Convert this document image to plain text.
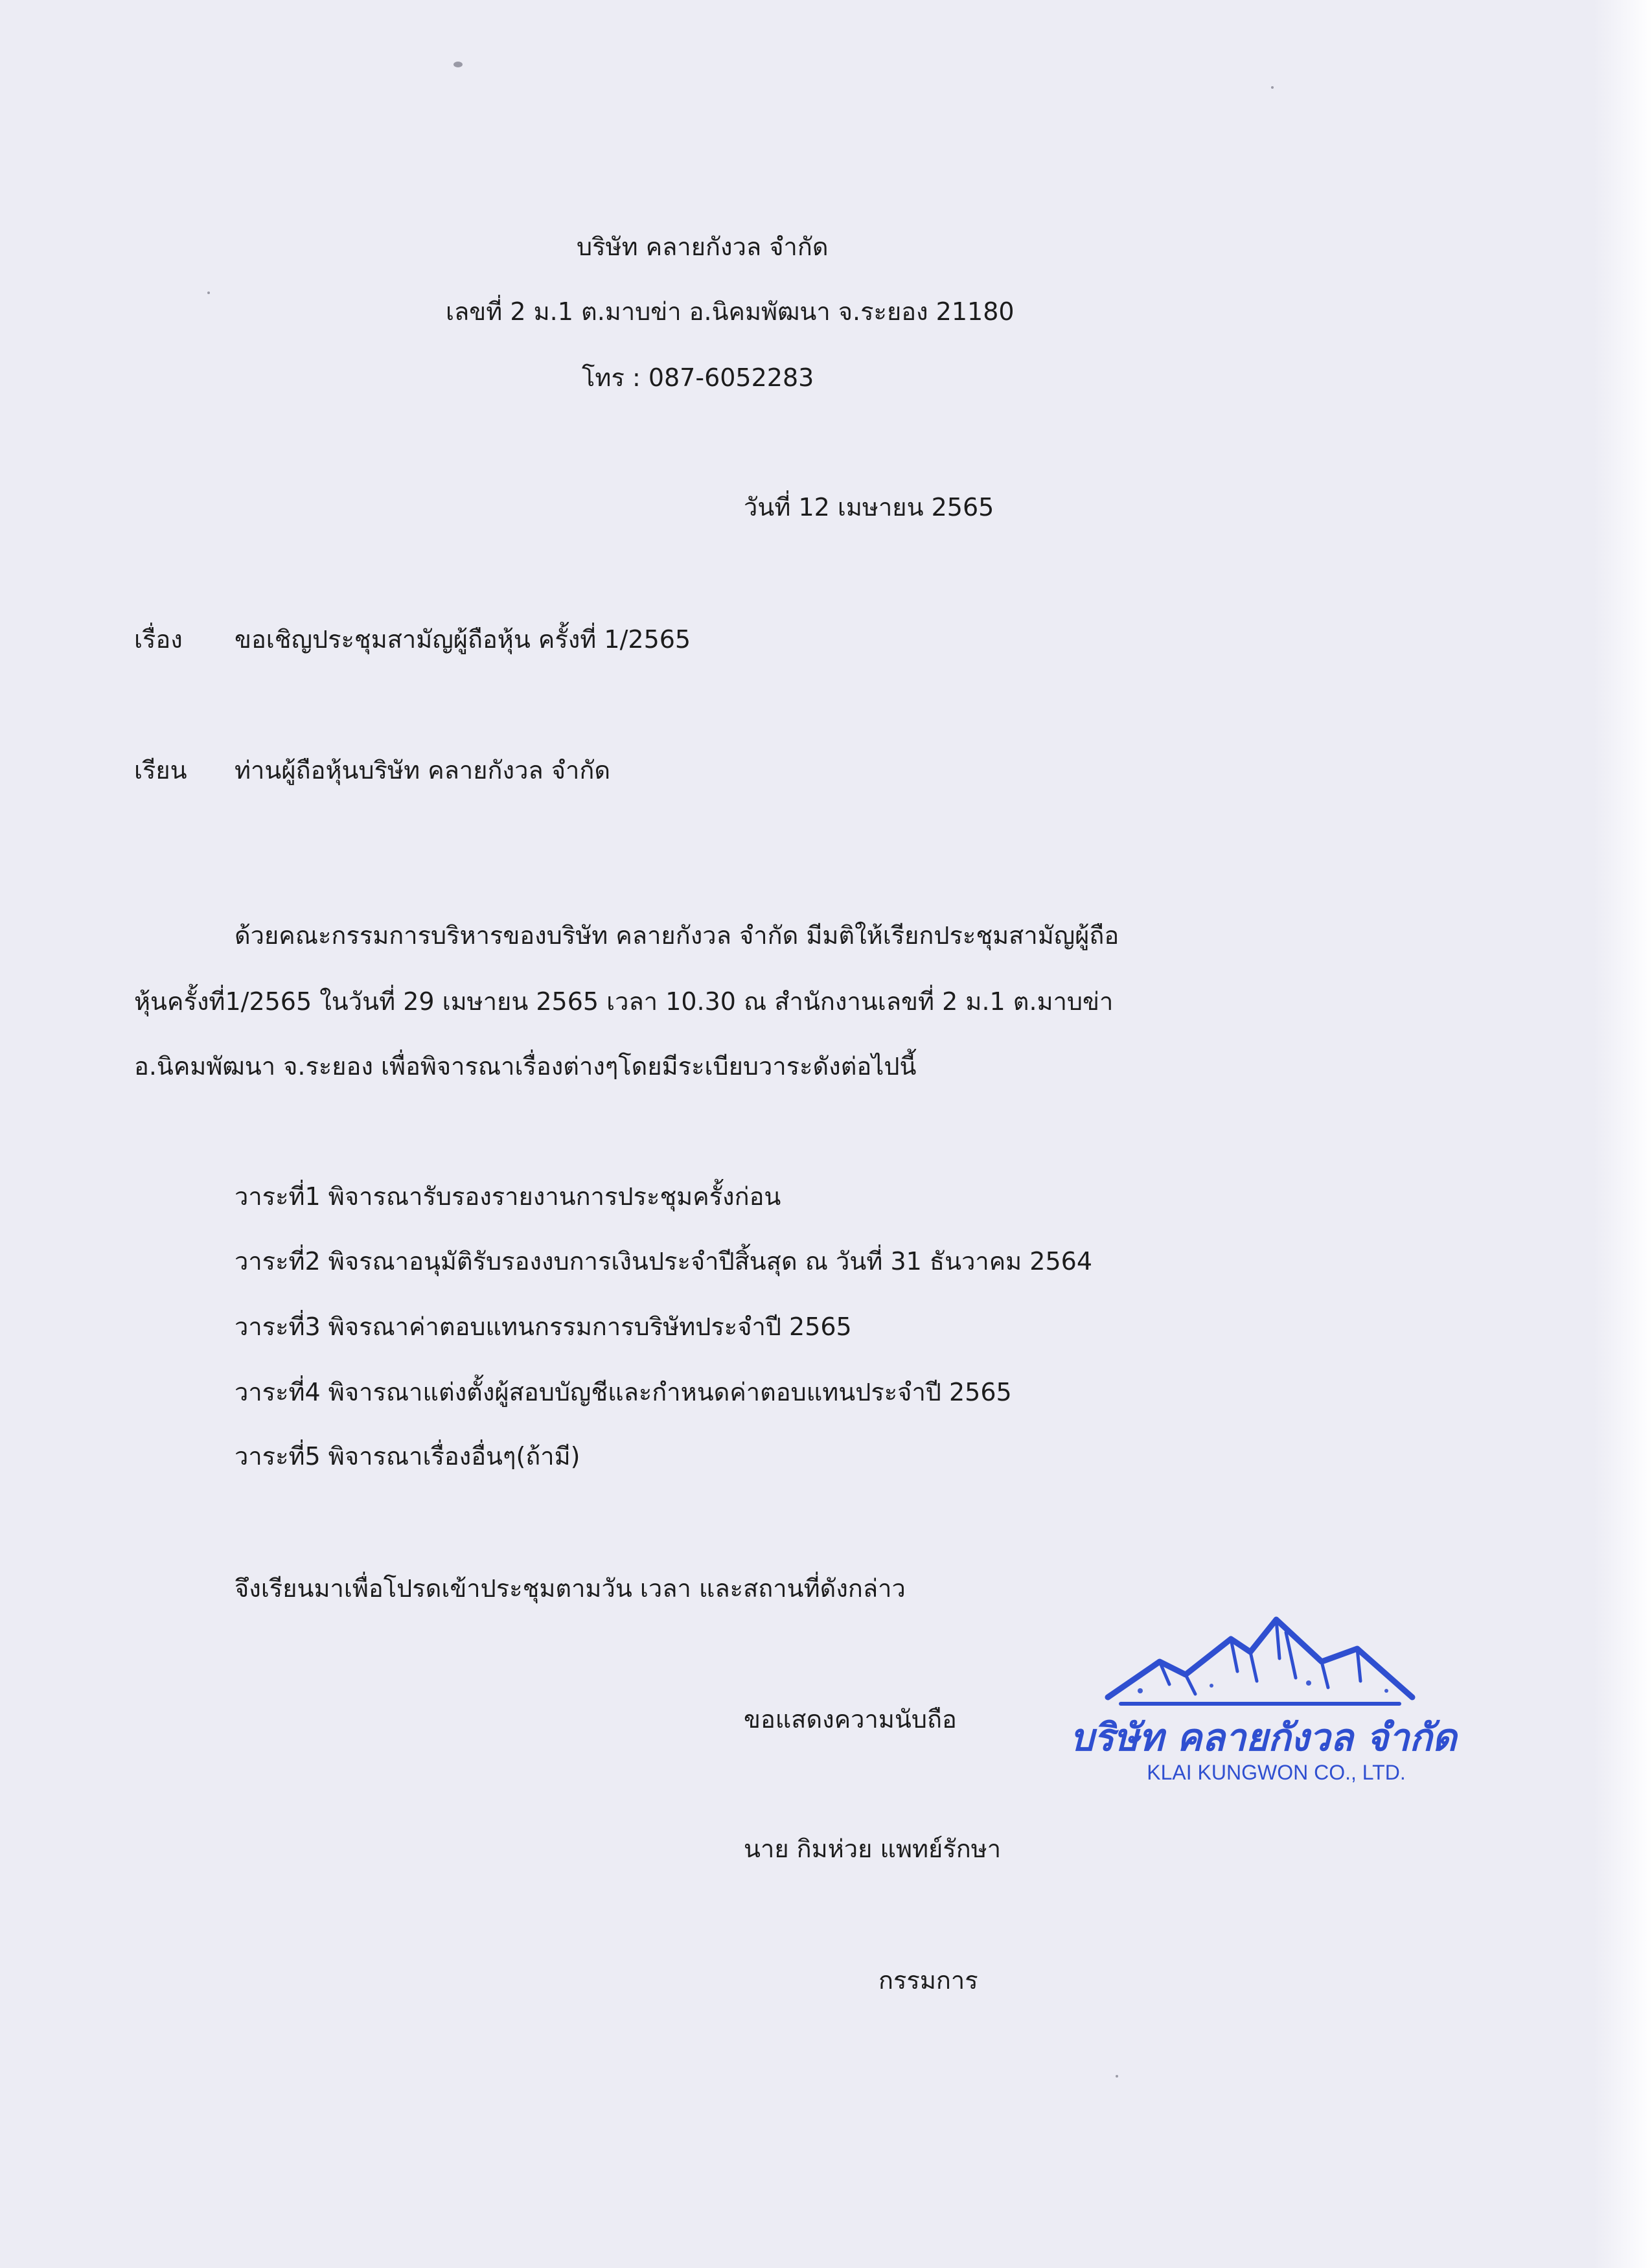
บริษัท คลายกังวล จำกัด
เลขที่ 2 ม.1 ต.มาบข่า อ.นิคมพัฒนา จ.ระยอง 21180
โทร : 087-6052283
วันที่ 12 เมษายน 2565
เรื่อง ขอเชิญประชุมสามัญผู้ถือหุ้น ครั้งที่ 1/2565
เรียน ท่านผู้ถือหุ้นบริษัท คลายกังวล จำกัด
ด้วยคณะกรรมการบริหารของบริษัท คลายกังวล จำกัด มีมติให้เรียกประชุมสามัญผู้ถือ
หุ้นครั้งที่1/2565 ในวันที่ 29 เมษายน 2565 เวลา 10.30 ณ สำนักงานเลขที่ 2 ม.1 ต.มาบข่า
อ.นิคมพัฒนา จ.ระยอง เพื่อพิจารณาเรื่องต่างๆโดยมีระเบียบวาระดังต่อไปนี้
วาระที่1 พิจารณารับรองรายงานการประชุมครั้งก่อน
วาระที่2 พิจรณาอนุมัติรับรองงบการเงินประจำปีสิ้นสุด ณ วันที่ 31 ธันวาคม 2564
วาระที่3 พิจรณาค่าตอบแทนกรรมการบริษัทประจำปี 2565
วาระที่4 พิจารณาแต่งตั้งผู้สอบบัญชีและกำหนดค่าตอบแทนประจำปี 2565
วาระที่5 พิจารณาเรื่องอื่นๆ(ถ้ามี)
จึงเรียนมาเพื่อโปรดเข้าประชุมตามวัน เวลา และสถานที่ดังกล่าว
ขอแสดงความนับถือ
นาย กิมห่วย แพทย์รักษา
กรรมการ
บริษัท คลายกังวล จำกัด
KLAI KUNGWON CO., LTD.
